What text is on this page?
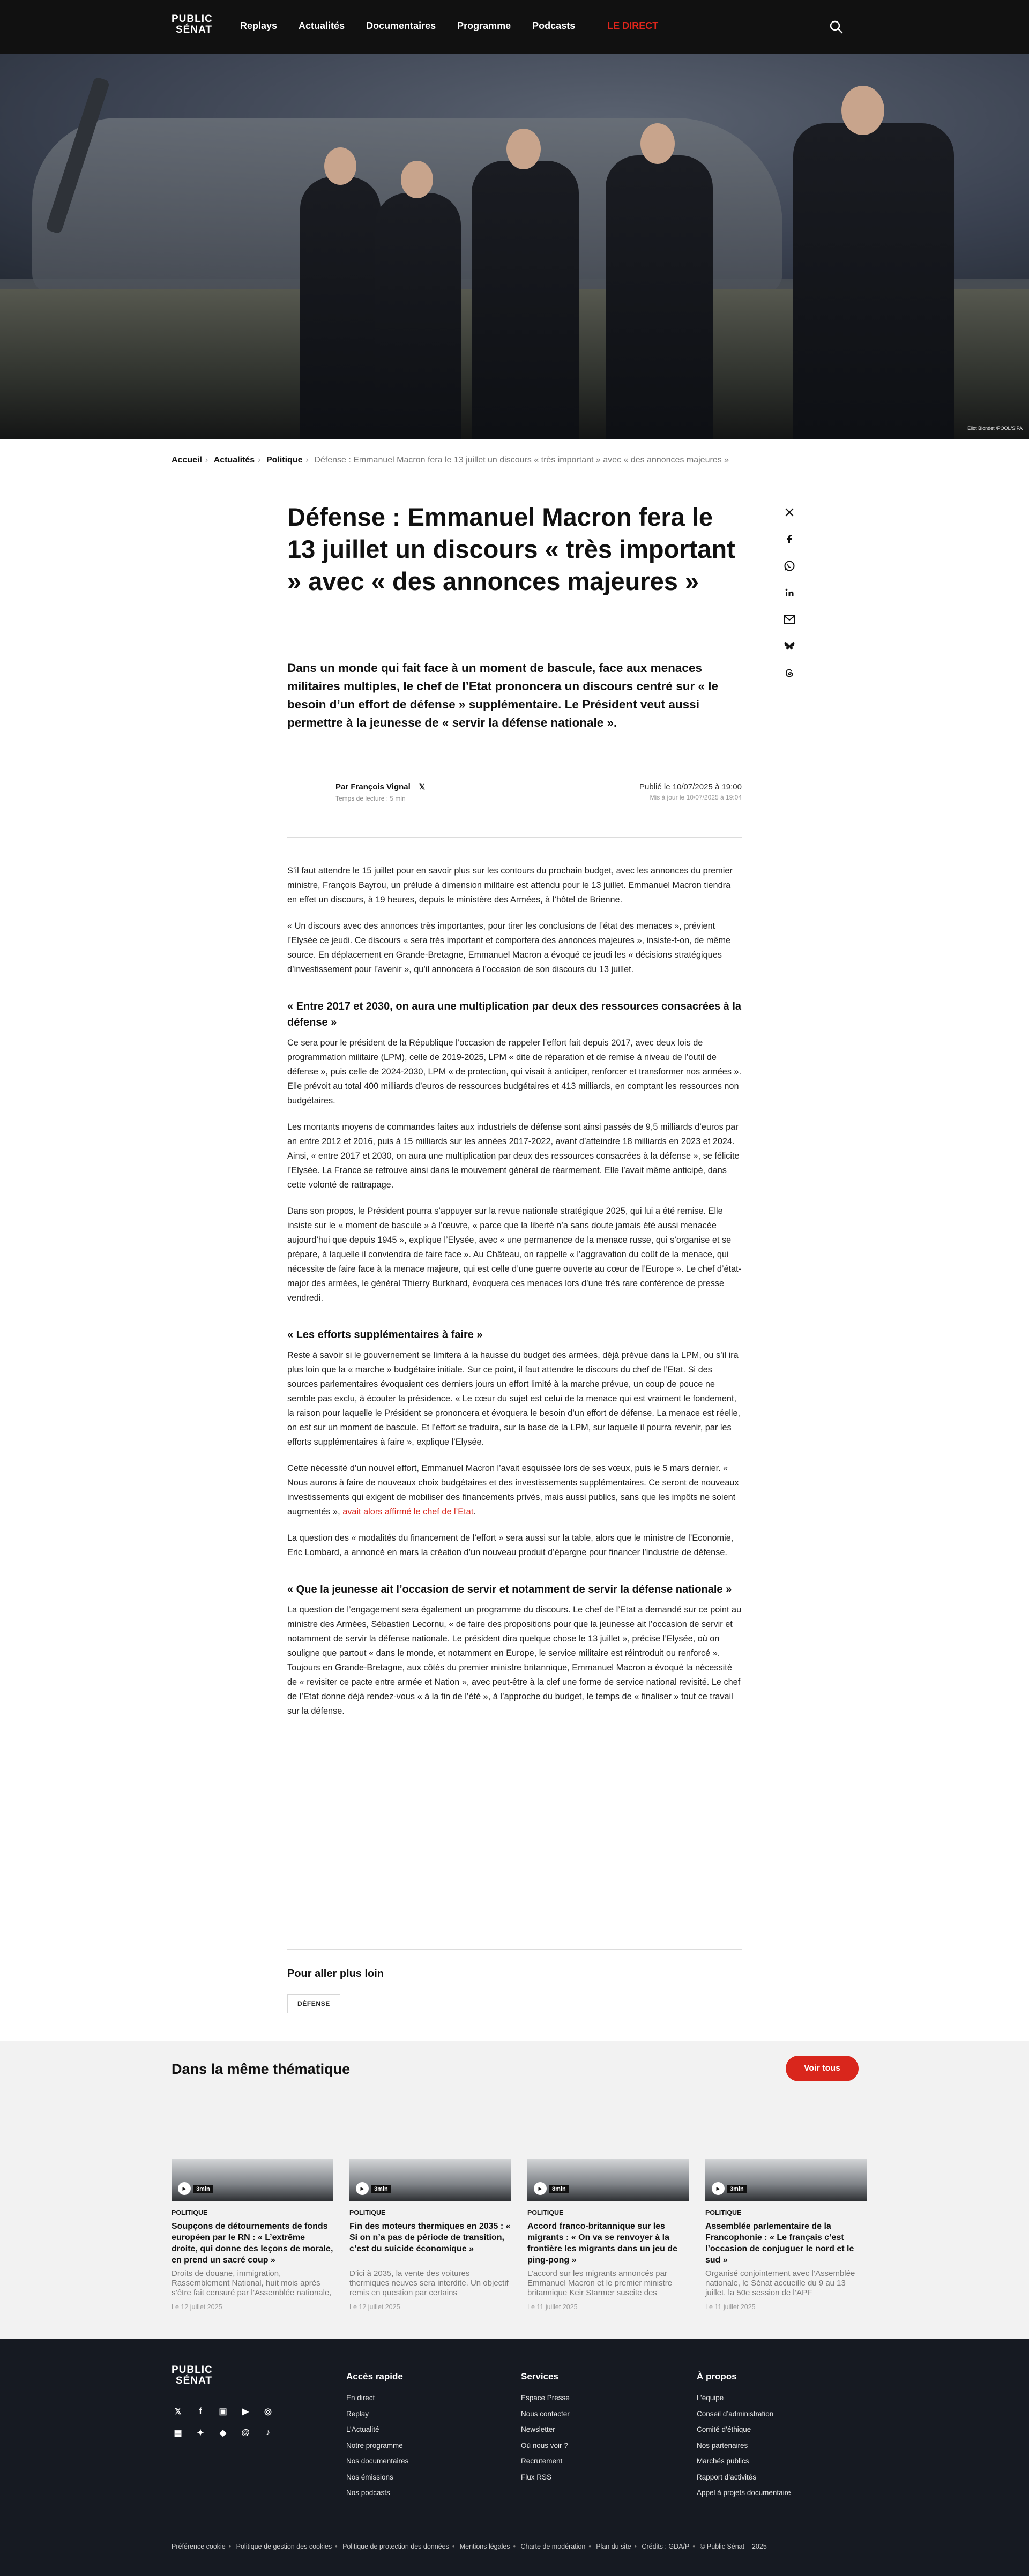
PUBLIC
SÉNAT	Replays Actualités Documentaires Programme Podcasts	LE DIRECT
Eliot Blondet /POOL/SIPA
Accueil › Actualités › Politique › Défense : Emmanuel Macron fera le 13 juillet un discours « très important » avec « des annonces majeures »
Défense : Emmanuel Macron fera le 13 juillet un discours « très important » avec « des annonces majeures »

Dans un monde qui fait face à un moment de bascule, face aux menaces militaires multiples, le chef de l’Etat prononcera un discours centré sur « le besoin d’un effort de défense » supplémentaire. Le Président veut aussi permettre à la jeunesse de « servir la défense nationale ».

Par François Vignal 𝕏
Temps de lecture : 5 min
Publié le 10/07/2025 à 19:00
Mis à jour le 10/07/2025 à 19:04

S’il faut attendre le 15 juillet pour en savoir plus sur les contours du prochain budget, avec les annonces du premier ministre, François Bayrou, un prélude à dimension militaire est attendu pour le 13 juillet. Emmanuel Macron tiendra en effet un discours, à 19 heures, depuis le ministère des Armées, à l’hôtel de Brienne.

« Un discours avec des annonces très importantes, pour tirer les conclusions de l’état des menaces », prévient l’Elysée ce jeudi. Ce discours « sera très important et comportera des annonces majeures », insiste-t-on, de même source. En déplacement en Grande-Bretagne, Emmanuel Macron a évoqué ce jeudi les « décisions stratégiques d’investissement pour l’avenir », qu’il annoncera à l’occasion de son discours du 13 juillet.

« Entre 2017 et 2030, on aura une multiplication par deux des ressources consacrées à la défense »

Ce sera pour le président de la République l’occasion de rappeler l’effort fait depuis 2017, avec deux lois de programmation militaire (LPM), celle de 2019-2025, LPM « dite de réparation et de remise à niveau de l’outil de défense », puis celle de 2024-2030, LPM « de protection, qui visait à anticiper, renforcer et transformer nos armées ». Elle prévoit au total 400 milliards d’euros de ressources budgétaires et 413 milliards, en comptant les ressources non budgétaires.

Les montants moyens de commandes faites aux industriels de défense sont ainsi passés de 9,5 milliards d’euros par an entre 2012 et 2016, puis à 15 milliards sur les années 2017-2022, avant d’atteindre 18 milliards en 2023 et 2024. Ainsi, « entre 2017 et 2030, on aura une multiplication par deux des ressources consacrées à la défense », se félicite l’Elysée. La France se retrouve ainsi dans le mouvement général de réarmement. Elle l’avait même anticipé, dans cette volonté de rattrapage.

Dans son propos, le Président pourra s’appuyer sur la revue nationale stratégique 2025, qui lui a été remise. Elle insiste sur le « moment de bascule » à l’œuvre, « parce que la liberté n’a sans doute jamais été aussi menacée aujourd’hui que depuis 1945 », explique l’Elysée, avec « une permanence de la menace russe, qui s’organise et se prépare, à laquelle il conviendra de faire face ». Au Château, on rappelle « l’aggravation du coût de la menace, qui nécessite de faire face à la menace majeure, qui est celle d’une guerre ouverte au cœur de l’Europe ». Le chef d’état-major des armées, le général Thierry Burkhard, évoquera ces menaces lors d’une très rare conférence de presse vendredi.

« Les efforts supplémentaires à faire »

Reste à savoir si le gouvernement se limitera à la hausse du budget des armées, déjà prévue dans la LPM, ou s’il ira plus loin que la « marche » budgétaire initiale. Sur ce point, il faut attendre le discours du chef de l’Etat. Si des sources parlementaires évoquaient ces derniers jours un effort limité à la marche prévue, un coup de pouce ne semble pas exclu, à écouter la présidence. « Le cœur du sujet est celui de la menace qui est vraiment le fondement, la raison pour laquelle le Président se prononcera et évoquera le besoin d’un effort de défense. La menace est réelle, on est sur un moment de bascule. Et l’effort se traduira, sur la base de la LPM, sur laquelle il pourra revenir, par les efforts supplémentaires à faire », explique l’Elysée.

Cette nécessité d’un nouvel effort, Emmanuel Macron l’avait esquissée lors de ses vœux, puis le 5 mars dernier. « Nous aurons à faire de nouveaux choix budgétaires et des investissements supplémentaires. Ce seront de nouveaux investissements qui exigent de mobiliser des financements privés, mais aussi publics, sans que les impôts ne soient augmentés », avait alors affirmé le chef de l’Etat.

La question des « modalités du financement de l’effort » sera aussi sur la table, alors que le ministre de l’Economie, Eric Lombard, a annoncé en mars la création d’un nouveau produit d’épargne pour financer l’industrie de défense.

« Que la jeunesse ait l’occasion de servir et notamment de servir la défense nationale »

La question de l’engagement sera également un programme du discours. Le chef de l’Etat a demandé sur ce point au ministre des Armées, Sébastien Lecornu, « de faire des propositions pour que la jeunesse ait l’occasion de servir et notamment de servir la défense nationale. Le président dira quelque chose le 13 juillet », précise l’Elysée, où on souligne que partout « dans le monde, et notamment en Europe, le service militaire est réintroduit ou renforcé ». Toujours en Grande-Bretagne, aux côtés du premier ministre britannique, Emmanuel Macron a évoqué la nécessité de « revisiter ce pacte entre armée et Nation », avec peut-être à la clef une forme de service national revisité. Le chef de l’Etat donne déjà rendez-vous « à la fin de l’été », à l’approche du budget, le temps de « finaliser » tout ce travail sur la défense.

Pour aller plus loin
DÉFENSE
Dans la même thématique	Voir tous
▶	3min
POLITIQUE
Soupçons de détournements de fonds européen par le RN : « L’extrême droite, qui donne des leçons de morale, en prend un sacré coup »
Droits de douane, immigration, Rassemblement National, huit mois après s’être fait censuré par l’Assemblée nationale,
Le 12 juillet 2025
▶	3min
POLITIQUE
Fin des moteurs thermiques en 2035 : « Si on n’a pas de période de transition, c’est du suicide économique »
D’ici à 2035, la vente des voitures thermiques neuves sera interdite. Un objectif remis en question par certains
Le 12 juillet 2025
▶	8min
POLITIQUE
Accord franco-britannique sur les migrants : « On va se renvoyer à la frontière les migrants dans un jeu de ping-pong »
L’accord sur les migrants annoncés par Emmanuel Macron et le premier ministre britannique Keir Starmer suscite des
Le 11 juillet 2025
▶	3min
POLITIQUE
Assemblée parlementaire de la Francophonie : « Le français c’est l’occasion de conjuguer le nord et le sud »
Organisé conjointement avec l’Assemblée nationale, le Sénat accueille du 9 au 13 juillet, la 50e session de l’APF
Le 11 juillet 2025
PUBLIC
SÉNAT
𝕏	f	▣	▶	◎
▤	✦	◆	@	♪
Accès rapide
En direct
Replay
L’Actualité
Notre programme
Nos documentaires
Nos émissions
Nos podcasts
Services
Espace Presse
Nous contacter
Newsletter
Où nous voir ?
Recrutement
Flux RSS
À propos
L’équipe
Conseil d’administration
Comité d’éthique
Nos partenaires
Marchés publics
Rapport d’activités
Appel à projets documentaire
Préférence cookie • Politique de gestion des cookies • Politique de protection des données • Mentions légales • Charte de modération • Plan du site • Crédits : GDA/P • © Public Sénat – 2025
